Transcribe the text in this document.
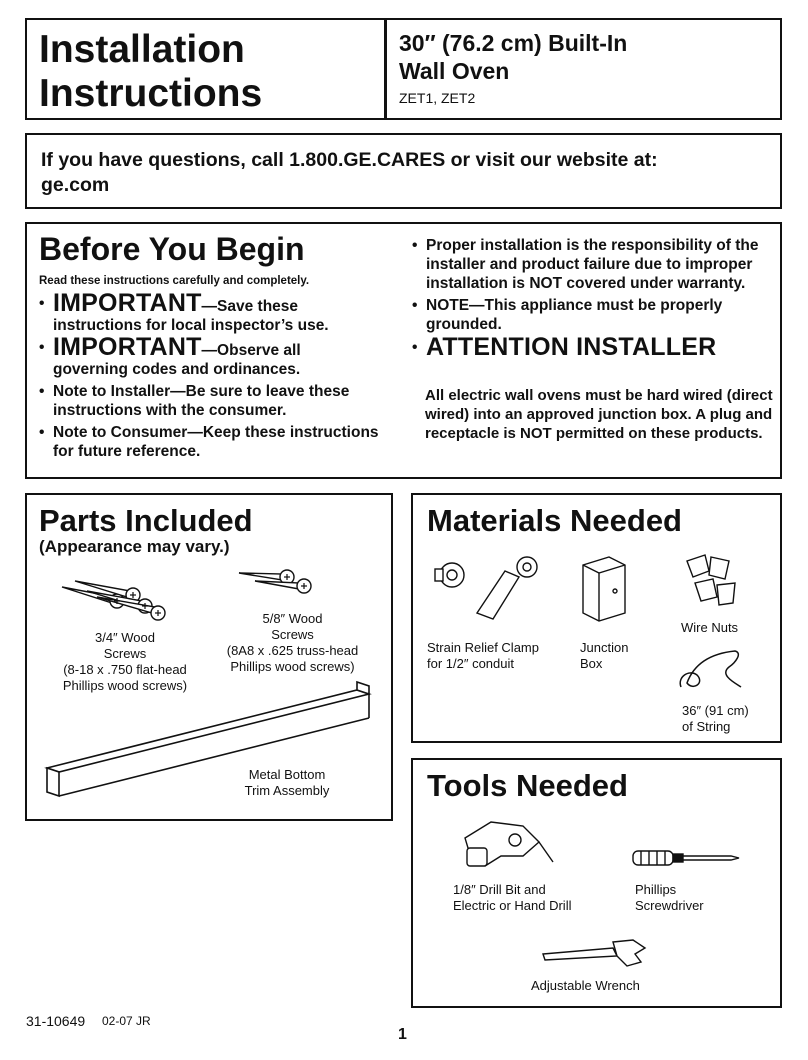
Installation
Instructions
30″ (76.2 cm) Built-In
Wall Oven
ZET1, ZET2
If you have questions, call 1.800.GE.CARES or visit our website at:
ge.com
Before You Begin
Read these instructions carefully and completely.
• IMPORTANT—Save these
instructions for local inspector’s use.
• IMPORTANT—Observe all
governing codes and ordinances.
• Note to Installer—Be sure to leave these instructions with the consumer.
• Note to Consumer—Keep these instructions for future reference.
• Proper installation is the responsibility of the installer and product failure due to improper installation is NOT covered under warranty.
• NOTE—This appliance must be properly grounded.
• ATTENTION INSTALLER
All electric wall ovens must be hard wired (direct wired) into an approved junction box. A plug and receptacle is NOT permitted on these products.
Parts Included
(Appearance may vary.)
3/4″ Wood
Screws
(8-18 x .750 flat-head
Phillips wood screws)
5/8″ Wood
Screws
(8A8 x .625 truss-head
Phillips wood screws)
Metal Bottom
Trim Assembly
Materials Needed
Strain Relief Clamp
for 1/2″ conduit
Junction
Box
Wire Nuts
36″ (91 cm)
of String
Tools Needed
1/8″ Drill Bit and
Electric or Hand Drill
Phillips
Screwdriver
Adjustable Wrench
31-10649 02-07 JR
1
